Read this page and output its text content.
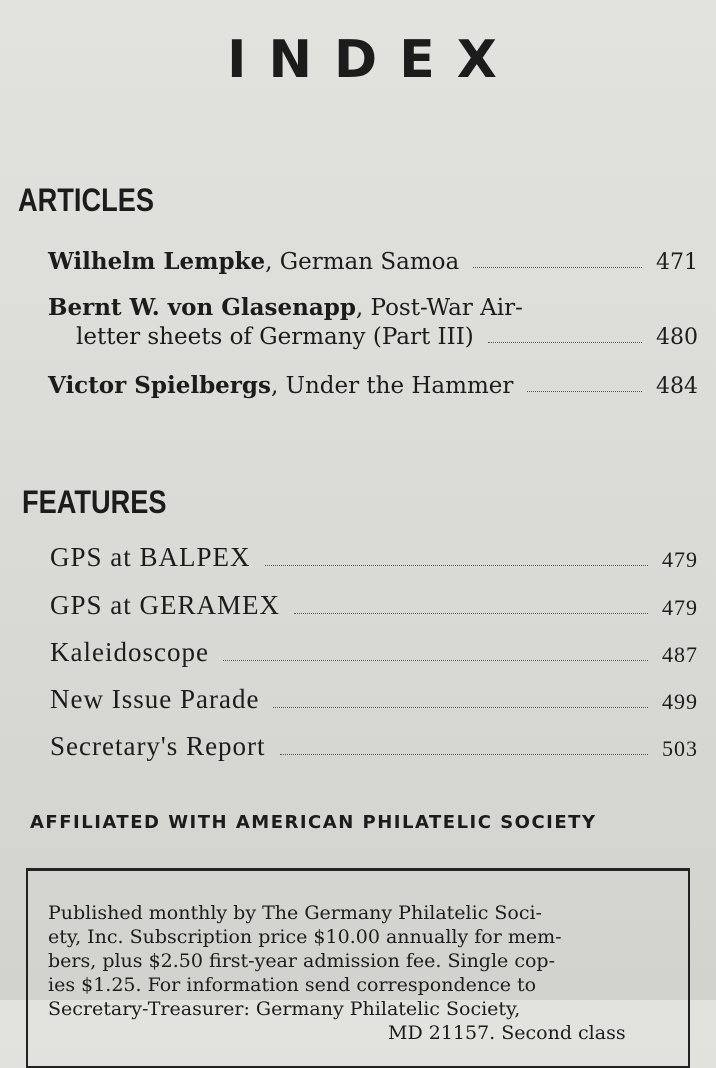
INDEX
ARTICLES
Wilhelm Lempke, German Samoa	471
Bernt W. von Glasenapp, Post-War Air-
letter sheets of Germany (Part III)	480
Victor Spielbergs, Under the Hammer	484
FEATURES
GPS at BALPEX	479
GPS at GERAMEX	479
Kaleidoscope	487
New Issue Parade	499
Secretary's Report	503
AFFILIATED WITH AMERICAN PHILATELIC SOCIETY
Published monthly by The Germany Philatelic Soci-
ety, Inc. Subscription price $10.00 annually for mem-
bers, plus $2.50 first-year admission fee. Single cop-
ies $1.25. For information send correspondence to
Secretary-Treasurer: Germany Philatelic Society,
MD 21157. Second class
